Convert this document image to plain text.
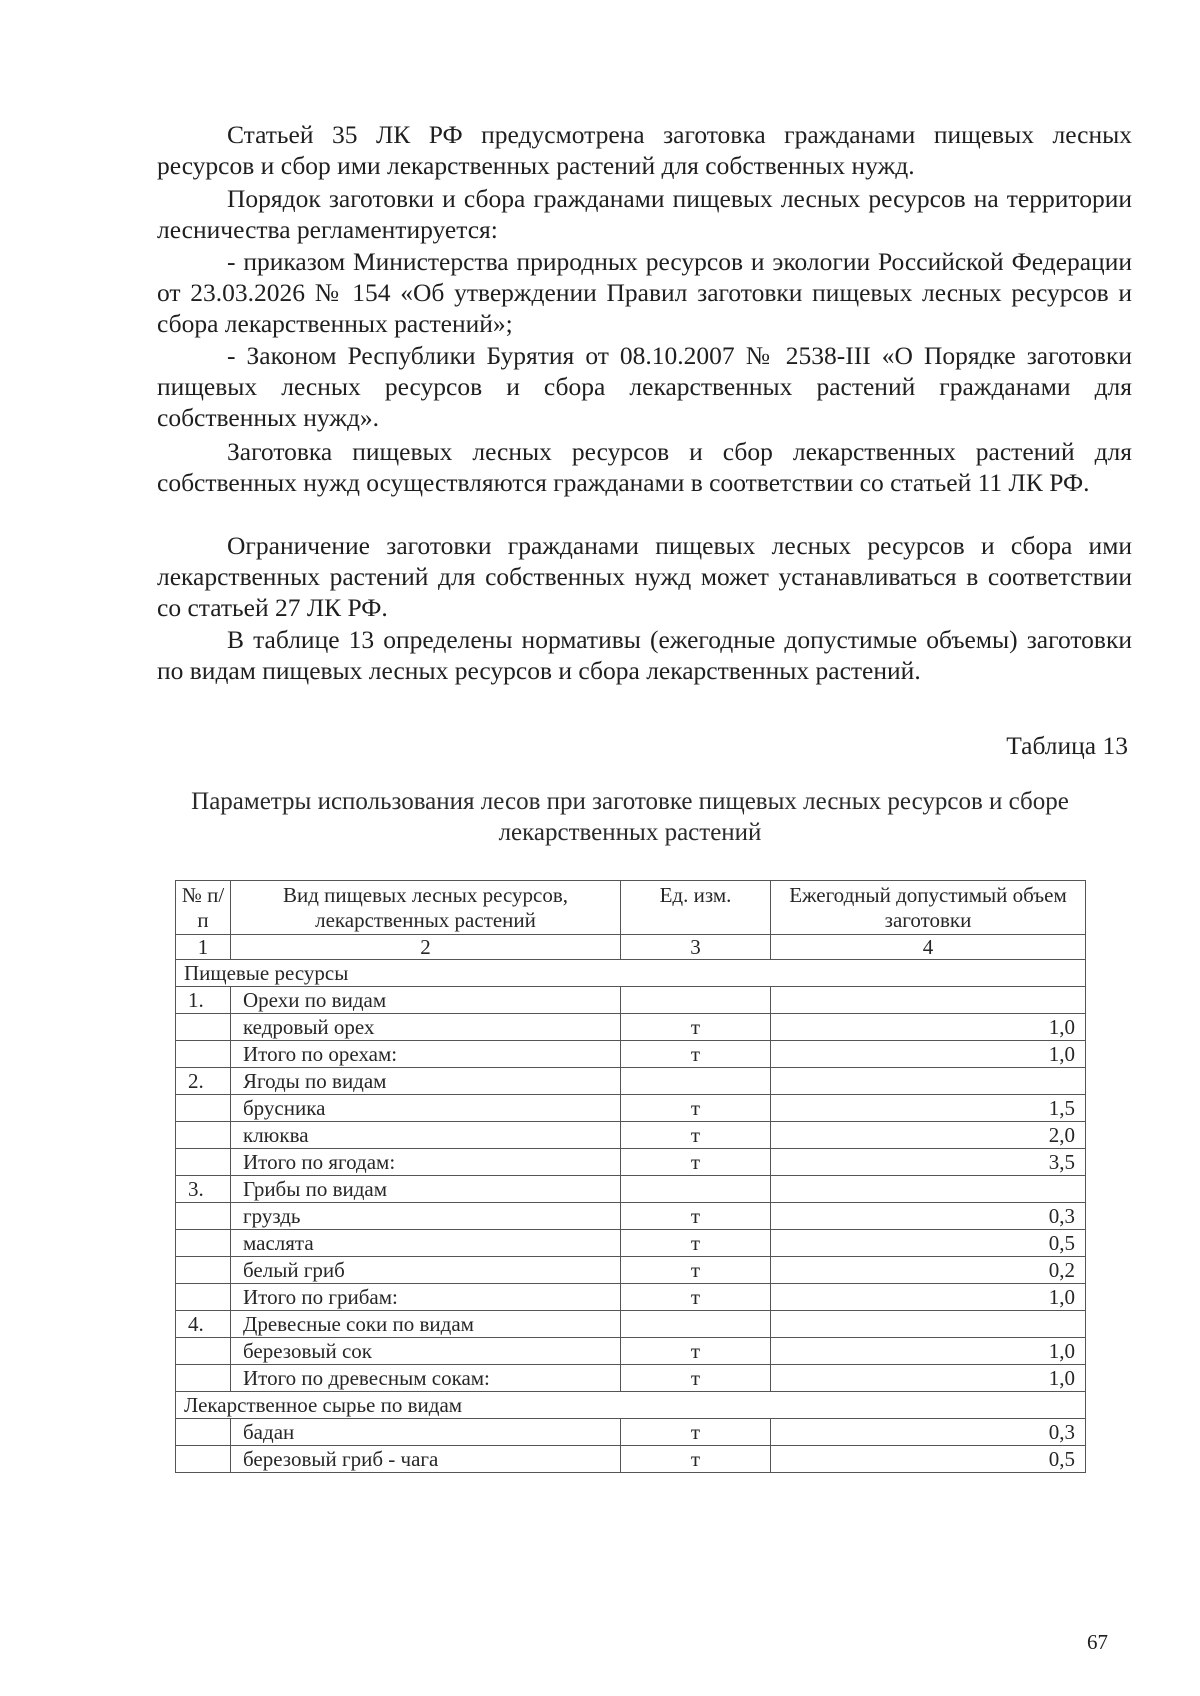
Статьей 35 ЛК РФ предусмотрена заготовка гражданами пищевых лесных ресурсов и сбор ими лекарственных растений для собственных нужд.

Порядок заготовки и сбора гражданами пищевых лесных ресурсов на территории лесничества регламентируется:

- приказом Министерства природных ресурсов и экологии Российской Федерации от 23.03.2026 № 154 «Об утверждении Правил заготовки пищевых лесных ресурсов и сбора лекарственных растений»;

- Законом Республики Бурятия от 08.10.2007 № 2538-III «О Порядке заготовки пищевых лесных ресурсов и сбора лекарственных растений гражданами для собственных нужд».

Заготовка пищевых лесных ресурсов и сбор лекарственных растений для собственных нужд осуществляются гражданами в соответствии со статьей 11 ЛК РФ.

Ограничение заготовки гражданами пищевых лесных ресурсов и сбора ими лекарственных растений для собственных нужд может устанавливаться в соответствии со статьей 27 ЛК РФ.

В таблице 13 определены нормативы (ежегодные допустимые объемы) заготовки по видам пищевых лесных ресурсов и сбора лекарственных растений.

Таблица 13
Параметры использования лесов при заготовке пищевых лесных ресурсов и сборе лекарственных растений
№ п/п	Вид пищевых лесных ресурсов, лекарственных растений	Ед. изм.	Ежегодный допустимый объем заготовки
1	2	3	4
Пищевые ресурсы			
1.	Орехи по видам		
	кедровый орех	т	1,0
	Итого по орехам:	т	1,0
2.	Ягоды по видам		
	брусника	т	1,5
	клюква	т	2,0
	Итого по ягодам:	т	3,5
3.	Грибы по видам		
	груздь	т	0,3
	маслята	т	0,5
	белый гриб	т	0,2
	Итого по грибам:	т	1,0
4.	Древесные соки по видам		
	березовый сок	т	1,0
	Итого по древесным сокам:	т	1,0
Лекарственное сырье по видам			
	бадан	т	0,3
	березовый гриб - чага	т	0,5
67
